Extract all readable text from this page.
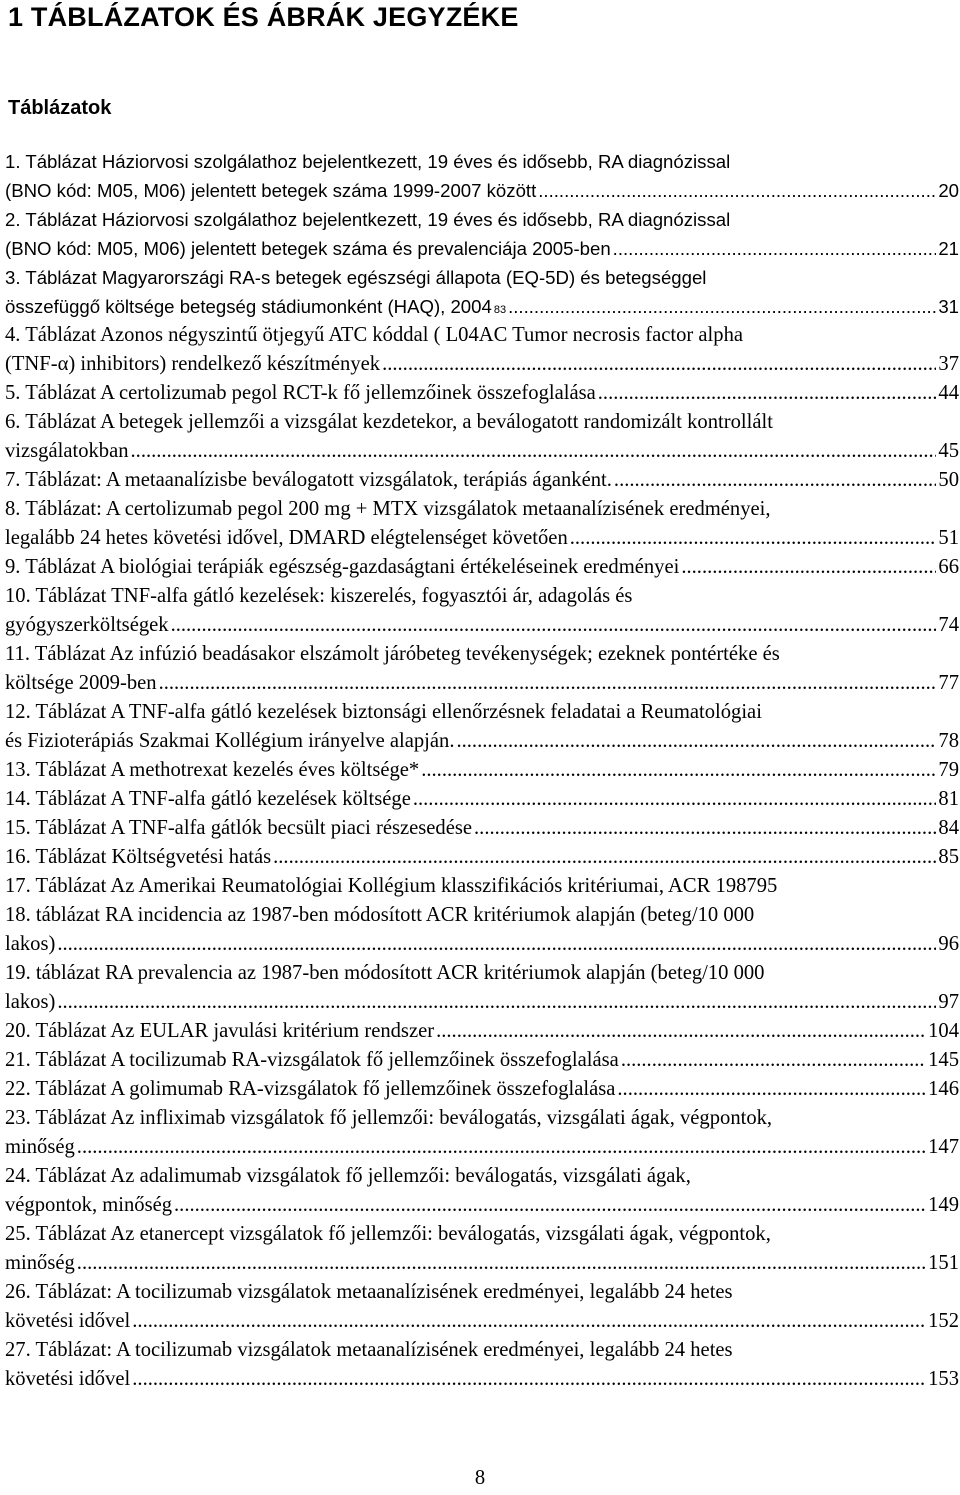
1 TÁBLÁZATOK ÉS ÁBRÁK JEGYZÉKE
Táblázatok
1. Táblázat Háziorvosi szolgálathoz bejelentkezett, 19 éves és idősebb, RA diagnózissal
(BNO kód: M05, M06) jelentett betegek száma 1999-2007 között .....	20
2. Táblázat Háziorvosi szolgálathoz bejelentkezett, 19 éves és idősebb, RA diagnózissal
(BNO kód: M05, M06) jelentett betegek száma és prevalenciája 2005-ben .....	21
3. Táblázat Magyarországi RA-s betegek egészségi állapota (EQ-5D) és betegséggel
összefüggő költsége betegség stádiumonként (HAQ), 2004 83 .....	31
4. Táblázat Azonos négyszintű ötjegyű ATC kóddal ( L04AC Tumor necrosis factor alpha
(TNF-α) inhibitors) rendelkező készítmények .....	37
5. Táblázat A certolizumab pegol RCT-k fő jellemzőinek összefoglalása .....	44
6. Táblázat A betegek jellemzői a vizsgálat kezdetekor, a beválogatott randomizált kontrollált
vizsgálatokban .....	45
7. Táblázat: A metaanalízisbe beválogatott vizsgálatok, terápiás áganként. .....	50
8. Táblázat: A certolizumab pegol 200 mg + MTX vizsgálatok metaanalízisének eredményei,
legalább 24 hetes követési idővel, DMARD elégtelenséget követően .....	51
9. Táblázat A biológiai terápiák egészség-gazdaságtani értékeléseinek eredményei .....	66
10. Táblázat TNF-alfa gátló kezelések: kiszerelés, fogyasztói ár, adagolás és
gyógyszerköltségek .....	74
11. Táblázat Az infúzió beadásakor elszámolt járóbeteg tevékenységek; ezeknek pontértéke és
költsége 2009-ben .....	77
12. Táblázat A TNF-alfa gátló kezelések biztonsági ellenőrzésnek feladatai a Reumatológiai
és Fizioterápiás Szakmai Kollégium irányelve alapján. .....	78
13. Táblázat A methotrexat kezelés éves költsége* .....	79
14. Táblázat A TNF-alfa gátló kezelések költsége .....	81
15. Táblázat A TNF-alfa gátlók becsült piaci részesedése .....	84
16. Táblázat Költségvetési hatás .....	85
17. Táblázat Az Amerikai Reumatológiai Kollégium klasszifikációs kritériumai, ACR 1987 95
18. táblázat RA incidencia az 1987-ben módosított ACR kritériumok alapján (beteg/10 000
lakos) .....	96
19. táblázat RA prevalencia az 1987-ben módosított ACR kritériumok alapján (beteg/10 000
lakos) .....	97
20. Táblázat Az EULAR javulási kritérium rendszer .....	104
21. Táblázat A tocilizumab RA-vizsgálatok fő jellemzőinek összefoglalása .....	145
22. Táblázat A golimumab RA-vizsgálatok fő jellemzőinek összefoglalása .....	146
23. Táblázat Az infliximab vizsgálatok fő jellemzői: beválogatás, vizsgálati ágak, végpontok,
minőség .....	147
24. Táblázat Az adalimumab vizsgálatok fő jellemzői: beválogatás, vizsgálati ágak,
végpontok, minőség .....	149
25. Táblázat Az etanercept vizsgálatok fő jellemzői: beválogatás, vizsgálati ágak, végpontok,
minőség .....	151
26. Táblázat: A tocilizumab vizsgálatok metaanalízisének eredményei, legalább 24 hetes
követési idővel .....	152
27. Táblázat: A tocilizumab vizsgálatok metaanalízisének eredményei, legalább 24 hetes
követési idővel .....	153
8
